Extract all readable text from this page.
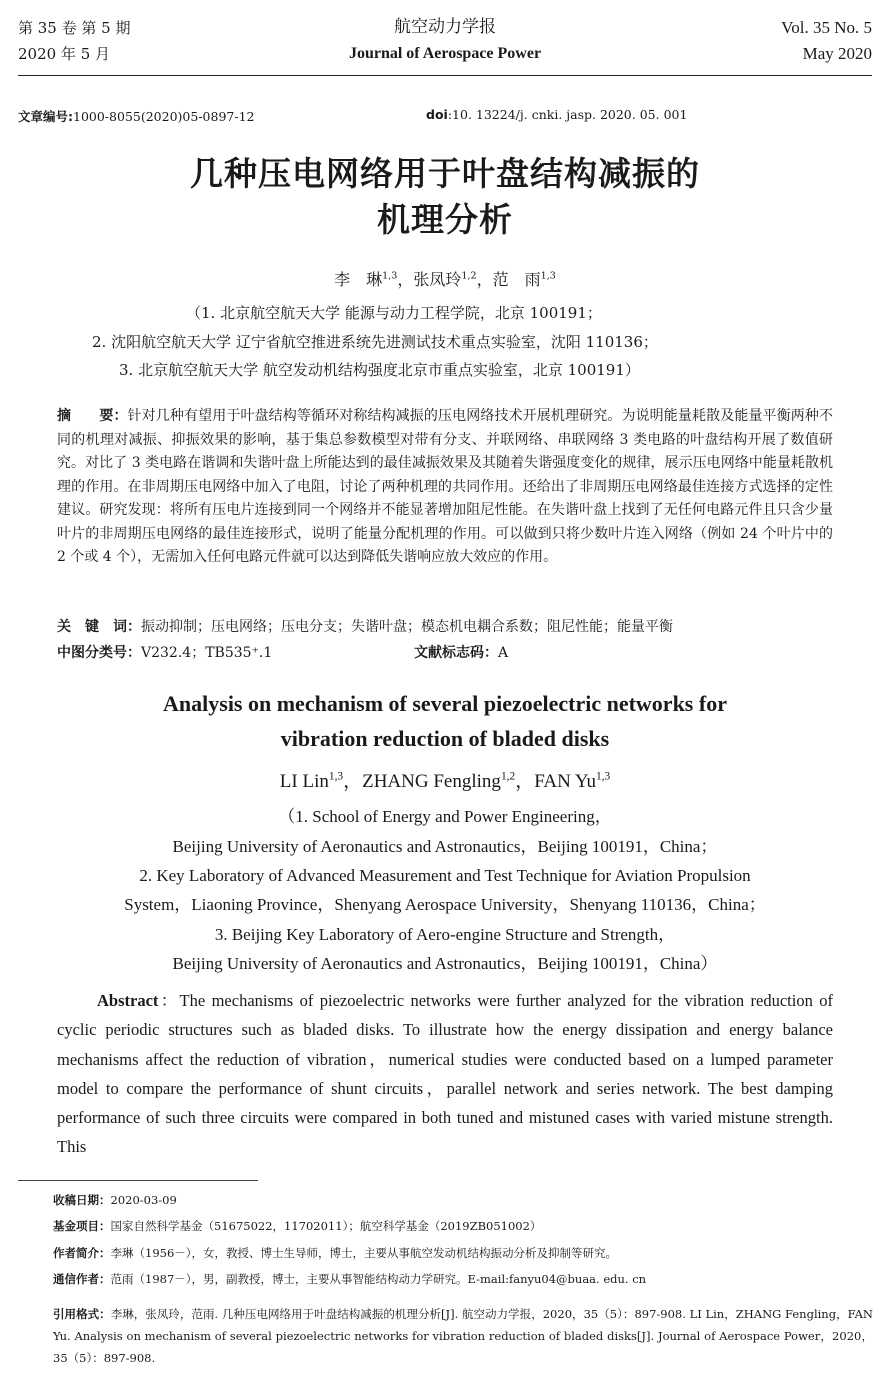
第 35 卷 第 5 期
2020 年 5 月
航空动力学报
Journal of Aerospace Power
Vol. 35 No. 5
May 2020
文章编号:1000-8055(2020)05-0897-12	doi:10. 13224/j. cnki. jasp. 2020. 05. 001
几种压电网络用于叶盘结构减振的
机理分析
李　琳$^{1,3}$，张凤玲$^{1,2}$，范　雨$^{1,3}$
（1. 北京航空航天大学 能源与动力工程学院，北京 100191；
2. 沈阳航空航天大学 辽宁省航空推进系统先进测试技术重点实验室，沈阳 110136；
3. 北京航空航天大学 航空发动机结构强度北京市重点实验室，北京 100191）
摘　　要：针对几种有望用于叶盘结构等循环对称结构减振的压电网络技术开展机理研究。为说明能量耗散及能量平衡两种不同的机理对减振、抑振效果的影响，基于集总参数模型对带有分支、并联网络、串联网络 3 类电路的叶盘结构开展了数值研究。对比了 3 类电路在谐调和失谐叶盘上所能达到的最佳减振效果及其随着失谐强度变化的规律，展示压电网络中能量耗散机理的作用。在非周期压电网络中加入了电阻，讨论了两种机理的共同作用。还给出了非周期压电网络最佳连接方式选择的定性建议。研究发现：将所有压电片连接到同一个网络并不能显著增加阻尼性能。在失谐叶盘上找到了无任何电路元件且只含少量叶片的非周期压电网络的最佳连接形式，说明了能量分配机理的作用。可以做到只将少数叶片连入网络（例如 24 个叶片中的 2 个或 4 个），无需加入任何电路元件就可以达到降低失谐响应放大效应的作用。
关　键　词：振动抑制；压电网络；压电分支；失谐叶盘；模态机电耦合系数；阻尼性能；能量平衡
中图分类号：V232.4；TB535⁺.1	文献标志码：A
Analysis on mechanism of several piezoelectric networks for
vibration reduction of bladed disks
LI Lin$^{1,3}$，ZHANG Fengling$^{1,2}$，FAN Yu$^{1,3}$
（1. School of Energy and Power Engineering，
Beijing University of Aeronautics and Astronautics，Beijing 100191，China；
2. Key Laboratory of Advanced Measurement and Test Technique for Aviation Propulsion
System，Liaoning Province，Shenyang Aerospace University，Shenyang 110136，China；
3. Beijing Key Laboratory of Aero-engine Structure and Strength，
Beijing University of Aeronautics and Astronautics，Beijing 100191，China）
Abstract：The mechanisms of piezoelectric networks were further analyzed for the vibration reduction of cyclic periodic structures such as bladed disks. To illustrate how the energy dissipation and energy balance mechanisms affect the reduction of vibration，numerical studies were conducted based on a lumped parameter model to compare the performance of shunt circuits，parallel network and series network. The best damping performance of such three circuits were compared in both tuned and mistuned cases with varied mistune strength. This
收稿日期：2020-03-09
基金项目：国家自然科学基金（51675022，11702011）；航空科学基金（2019ZB051002）
作者简介：李琳（1956－），女，教授、博士生导师，博士，主要从事航空发动机结构振动分析及抑制等研究。
通信作者：范雨（1987－），男，副教授，博士，主要从事智能结构动力学研究。E-mail:fanyu04@buaa. edu. cn
引用格式：李琳，张凤玲，范雨. 几种压电网络用于叶盘结构减振的机理分析[J]. 航空动力学报，2020，35（5）：897-908. LI Lin，ZHANG Fengling，FAN Yu. Analysis on mechanism of several piezoelectric networks for vibration reduction of bladed disks[J]. Journal of Aerospace Power，2020，35（5）：897-908.
